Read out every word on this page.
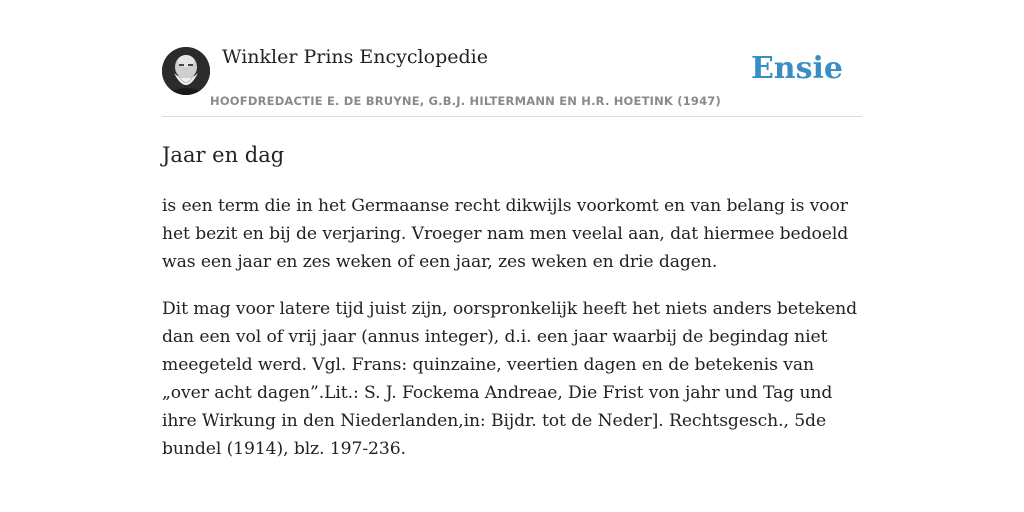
Winkler Prins Encyclopedie
HOOFDREDACTIE E. DE BRUYNE, G.B.J. HILTERMANN EN H.R. HOETINK (1947)
Ensie
Jaar en dag

is een term die in het Germaanse recht dikwijls voorkomt en van belang is voor het bezit en bij de verjaring. Vroeger nam men veelal aan, dat hiermee bedoeld was een jaar en zes weken of een jaar, zes weken en drie dagen.

Dit mag voor latere tijd juist zijn, oorspronkelijk heeft het niets anders betekend dan een vol of vrij jaar (annus integer), d.i. een jaar waarbij de begindag niet meegeteld werd. Vgl. Frans: quinzaine, veertien dagen en de betekenis van „over acht dagen”.Lit.: S. J. Fockema Andreae, Die Frist von jahr und Tag und ihre Wirkung in den Niederlanden,in: Bijdr. tot de Neder]. Rechtsgesch., 5de bundel (1914), blz. 197-236.
